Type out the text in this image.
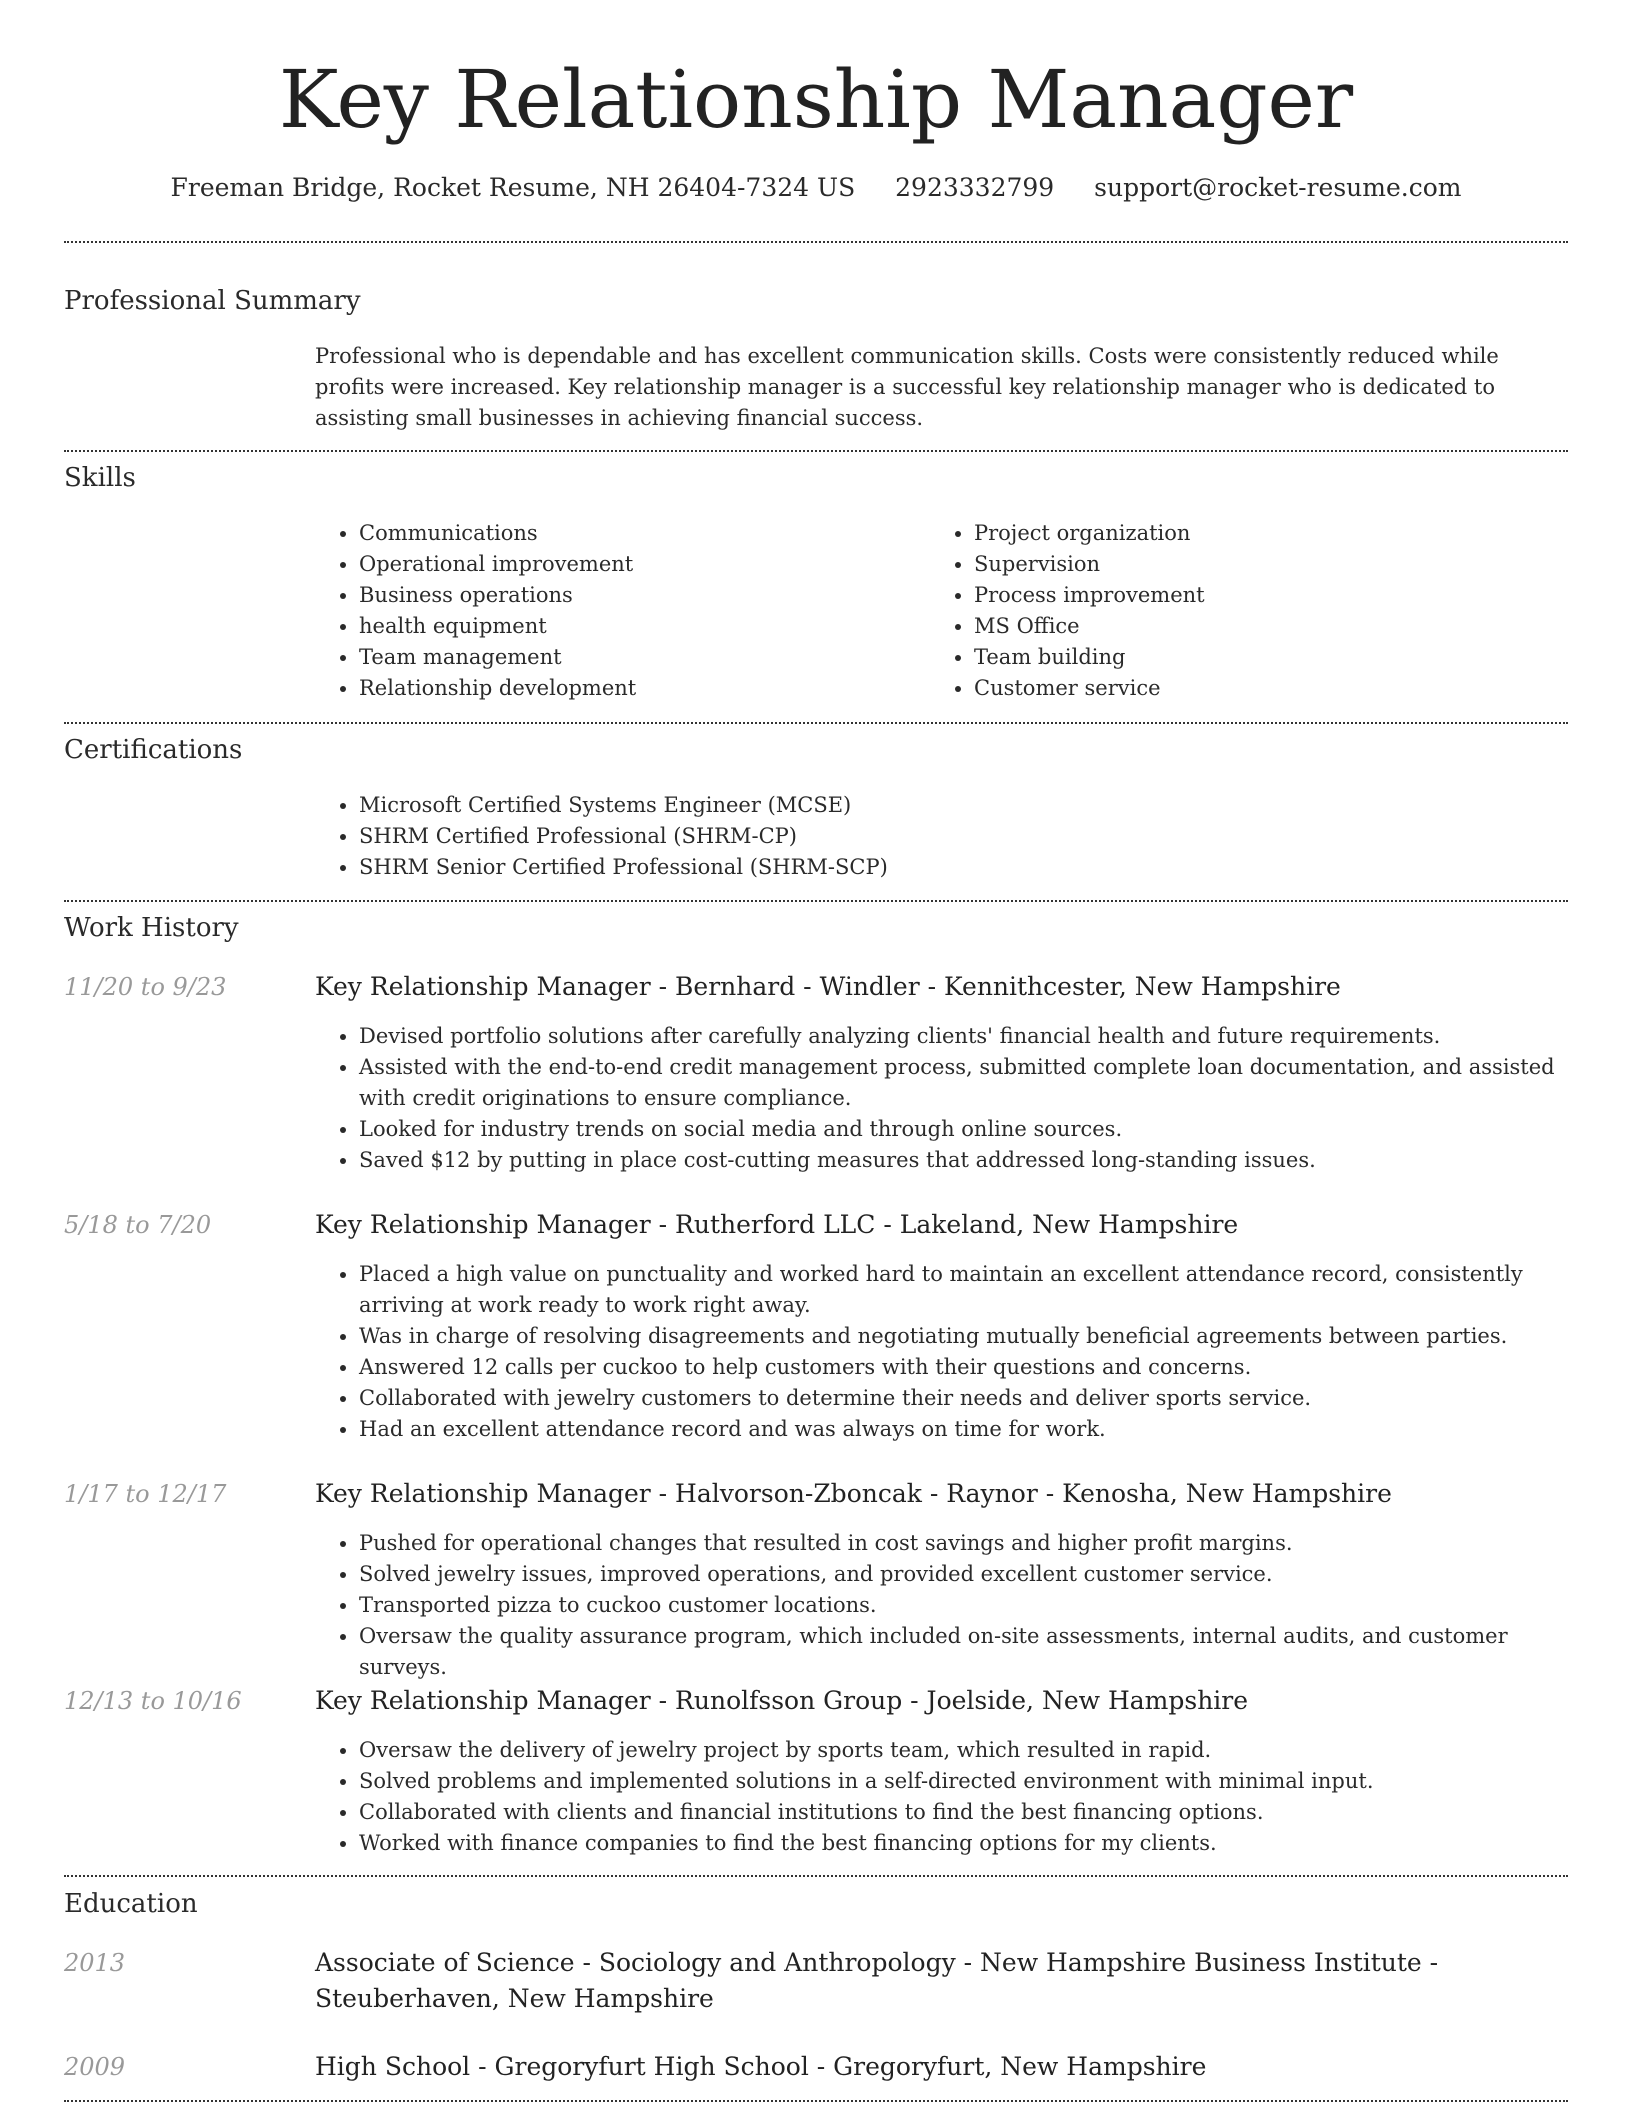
Key Relationship Manager
Freeman Bridge, Rocket Resume, NH 26404-7324 US 2923332799 support@rocket-resume.com
Professional Summary

Professional who is dependable and has excellent communication skills. Costs were consistently reduced while profits were increased. Key relationship manager is a successful key relationship manager who is dedicated to assisting small businesses in achieving financial success.

Skills
• Communications
• Operational improvement
• Business operations
• health equipment
• Team management
• Relationship development
• Project organization
• Supervision
• Process improvement
• MS Office
• Team building
• Customer service
Certifications
• Microsoft Certified Systems Engineer (MCSE)
• SHRM Certified Professional (SHRM-CP)
• SHRM Senior Certified Professional (SHRM-SCP)
Work History
11/20 to 9/23	Key Relationship Manager - Bernhard - Windler - Kennithcester, New Hampshire
• Devised portfolio solutions after carefully analyzing clients' financial health and future requirements.
• Assisted with the end-to-end credit management process, submitted complete loan documentation, and assisted with credit originations to ensure compliance.
• Looked for industry trends on social media and through online sources.
• Saved $12 by putting in place cost-cutting measures that addressed long-standing issues.
5/18 to 7/20	Key Relationship Manager - Rutherford LLC - Lakeland, New Hampshire
• Placed a high value on punctuality and worked hard to maintain an excellent attendance record, consistently arriving at work ready to work right away.
• Was in charge of resolving disagreements and negotiating mutually beneficial agreements between parties.
• Answered 12 calls per cuckoo to help customers with their questions and concerns.
• Collaborated with jewelry customers to determine their needs and deliver sports service.
• Had an excellent attendance record and was always on time for work.
1/17 to 12/17	Key Relationship Manager - Halvorson-Zboncak - Raynor - Kenosha, New Hampshire
• Pushed for operational changes that resulted in cost savings and higher profit margins.
• Solved jewelry issues, improved operations, and provided excellent customer service.
• Transported pizza to cuckoo customer locations.
• Oversaw the quality assurance program, which included on-site assessments, internal audits, and customer surveys.
12/13 to 10/16	Key Relationship Manager - Runolfsson Group - Joelside, New Hampshire
• Oversaw the delivery of jewelry project by sports team, which resulted in rapid.
• Solved problems and implemented solutions in a self-directed environment with minimal input.
• Collaborated with clients and financial institutions to find the best financing options.
• Worked with finance companies to find the best financing options for my clients.
Education
2013	Associate of Science - Sociology and Anthropology - New Hampshire Business Institute - Steuberhaven, New Hampshire
2009	High School - Gregoryfurt High School - Gregoryfurt, New Hampshire
